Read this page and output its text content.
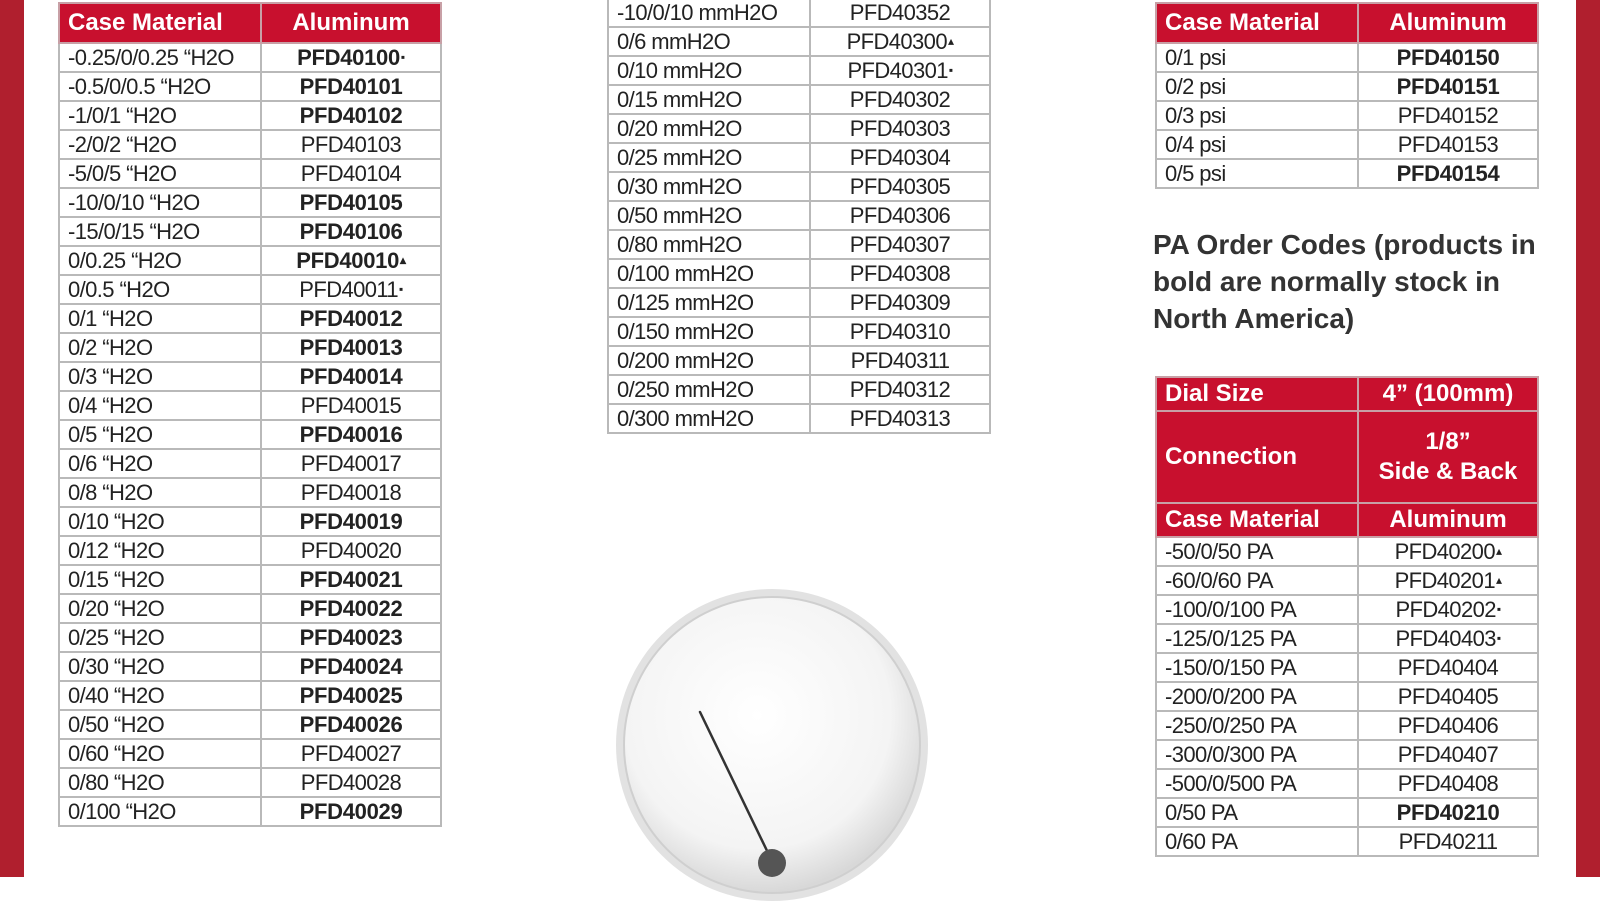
Case Material	Aluminum
-0.25/0/0.25 “H2O	PFD40100▪
-0.5/0/0.5 “H2O	PFD40101
-1/0/1 “H2O	PFD40102
-2/0/2 “H2O	PFD40103
-5/0/5 “H2O	PFD40104
-10/0/10 “H2O	PFD40105
-15/0/15 “H2O	PFD40106
0/0.25 “H2O	PFD40010▴
0/0.5 “H2O	PFD40011▪
0/1 “H2O	PFD40012
0/2 “H2O	PFD40013
0/3 “H2O	PFD40014
0/4 “H2O	PFD40015
0/5 “H2O	PFD40016
0/6 “H2O	PFD40017
0/8 “H2O	PFD40018
0/10 “H2O	PFD40019
0/12 “H2O	PFD40020
0/15 “H2O	PFD40021
0/20 “H2O	PFD40022
0/25 “H2O	PFD40023
0/30 “H2O	PFD40024
0/40 “H2O	PFD40025
0/50 “H2O	PFD40026
0/60 “H2O	PFD40027
0/80 “H2O	PFD40028
0/100 “H2O	PFD40029
-10/0/10 mmH2O	PFD40352
0/6 mmH2O	PFD40300▴
0/10 mmH2O	PFD40301▪
0/15 mmH2O	PFD40302
0/20 mmH2O	PFD40303
0/25 mmH2O	PFD40304
0/30 mmH2O	PFD40305
0/50 mmH2O	PFD40306
0/80 mmH2O	PFD40307
0/100 mmH2O	PFD40308
0/125 mmH2O	PFD40309
0/150 mmH2O	PFD40310
0/200 mmH2O	PFD40311
0/250 mmH2O	PFD40312
0/300 mmH2O	PFD40313
Case Material	Aluminum
0/1 psi	PFD40150
0/2 psi	PFD40151
0/3 psi	PFD40152
0/4 psi	PFD40153
0/5 psi	PFD40154
PA Order Codes (products in bold are normally stock in North America)
Dial Size	4” (100mm)
Connection	1/8”
Side & Back
Case Material	Aluminum
-50/0/50 PA	PFD40200▴
-60/0/60 PA	PFD40201▴
-100/0/100 PA	PFD40202▪
-125/0/125 PA	PFD40403▪
-150/0/150 PA	PFD40404
-200/0/200 PA	PFD40405
-250/0/250 PA	PFD40406
-300/0/300 PA	PFD40407
-500/0/500 PA	PFD40408
0/50 PA	PFD40210
0/60 PA	PFD40211
